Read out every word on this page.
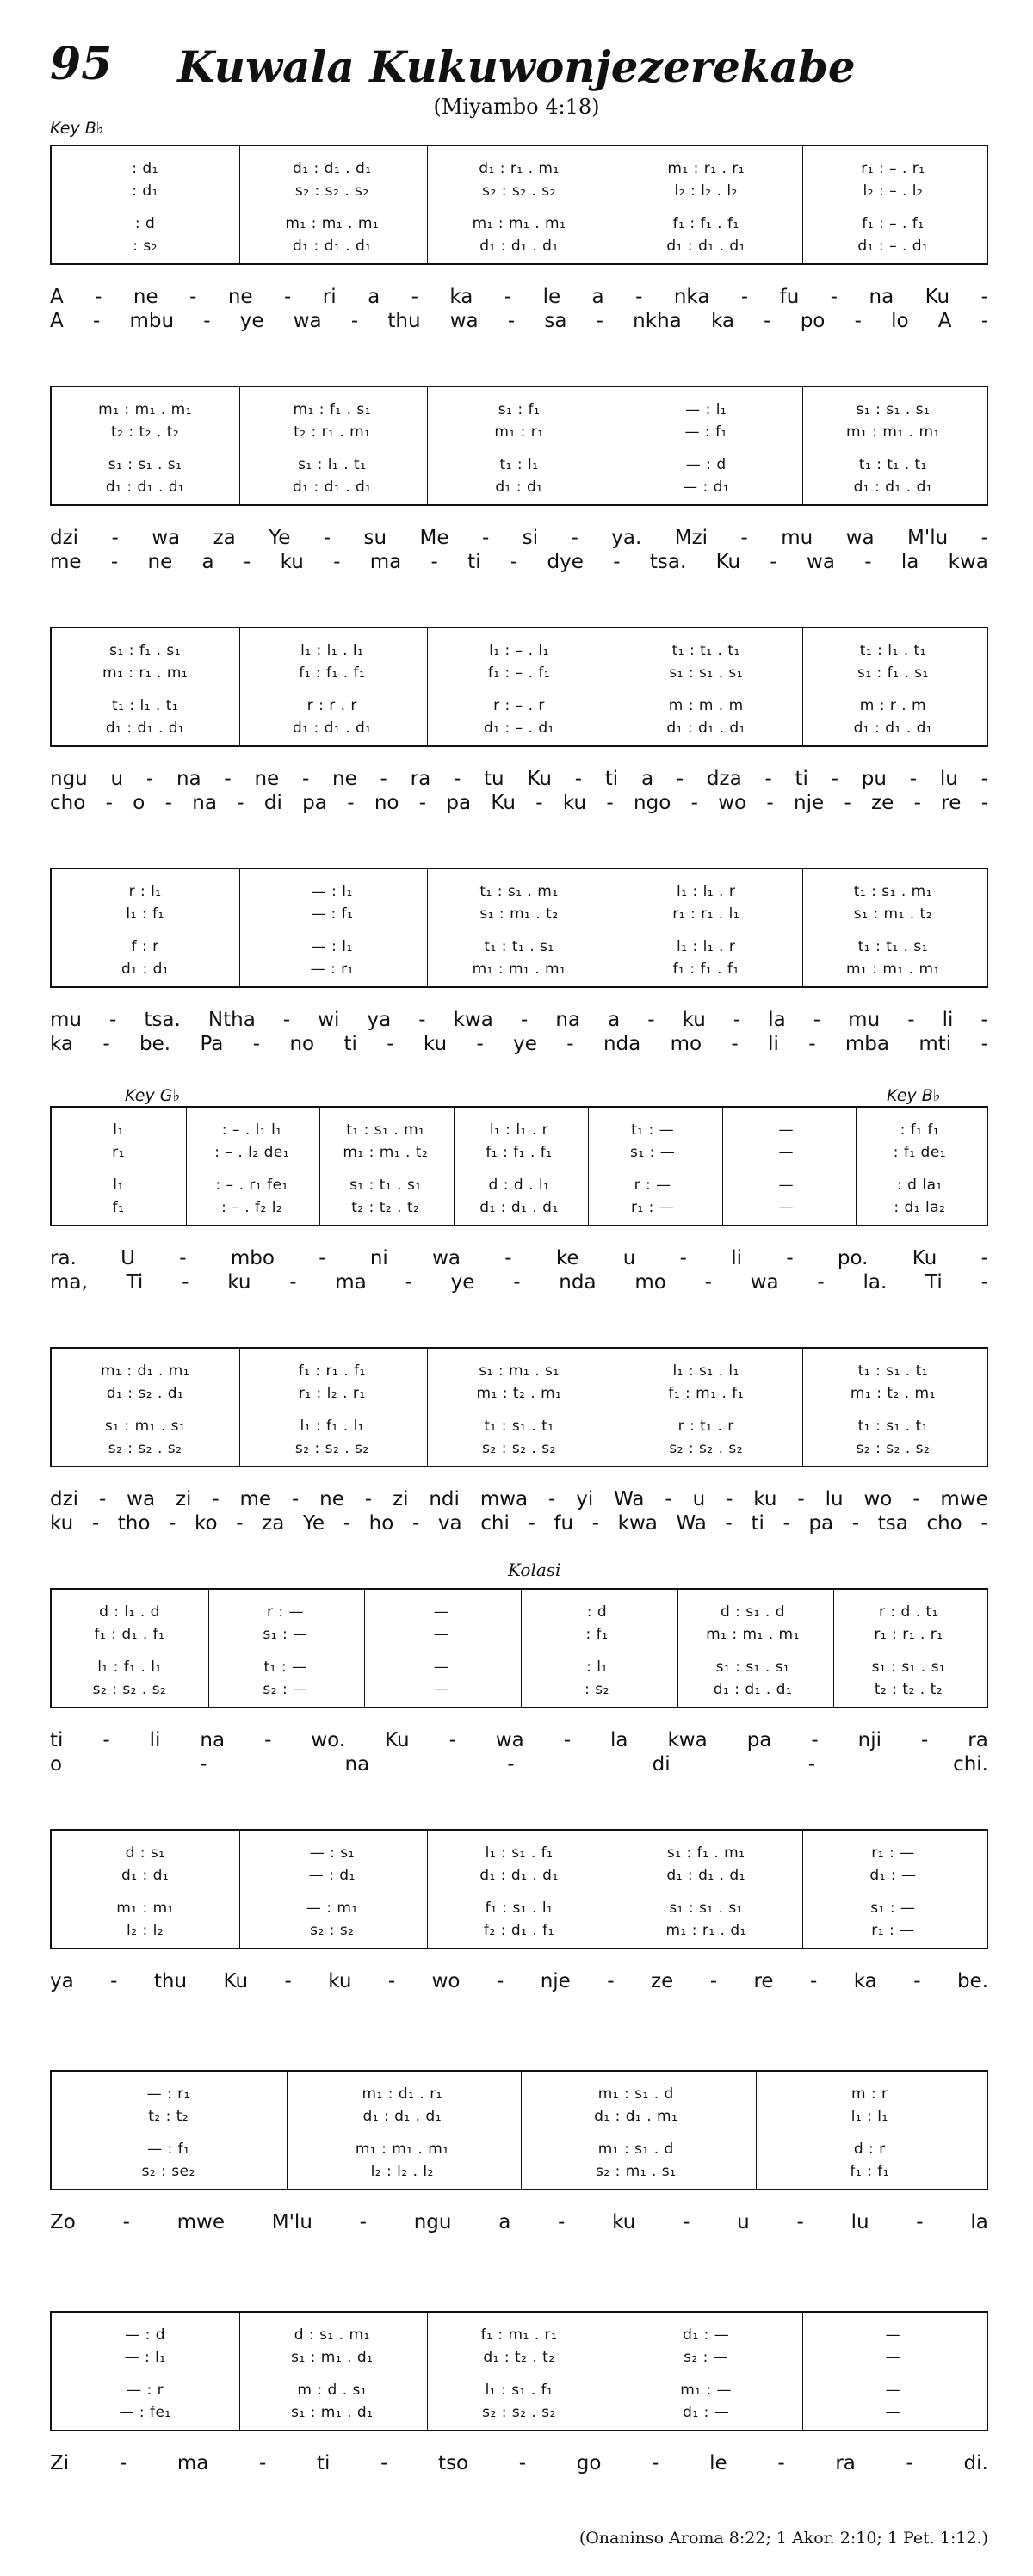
95	Kuwala Kukuwonjezerekabe
(Miyambo 4:18)
Key B♭
Key G♭	Key B♭
Kolasi
: d₁	d₁ : d₁ . d₁	d₁ : r₁ . m₁	m₁ : r₁ . r₁	r₁ : – . r₁
: d₁	s₂ : s₂ . s₂	s₂ : s₂ . s₂	l₂ : l₂ . l₂	l₂ : – . l₂
: d	m₁ : m₁ . m₁	m₁ : m₁ . m₁	f₁ : f₁ . f₁	f₁ : – . f₁
: s₂	d₁ : d₁ . d₁	d₁ : d₁ . d₁	d₁ : d₁ . d₁	d₁ : – . d₁
A - ne - ne - ri a - ka - le a - nka - fu - na Ku -
A - mbu - ye wa - thu wa - sa - nkha ka - po - lo A -
m₁ : m₁ . m₁	m₁ : f₁ . s₁	s₁ : f₁	— : l₁	s₁ : s₁ . s₁
t₂ : t₂ . t₂	t₂ : r₁ . m₁	m₁ : r₁	— : f₁	m₁ : m₁ . m₁
s₁ : s₁ . s₁	s₁ : l₁ . t₁	t₁ : l₁	— : d	t₁ : t₁ . t₁
d₁ : d₁ . d₁	d₁ : d₁ . d₁	d₁ : d₁	— : d₁	d₁ : d₁ . d₁
dzi - wa za Ye - su Me - si - ya. Mzi - mu wa M'lu -
me - ne a - ku - ma - ti - dye - tsa. Ku - wa - la kwa
s₁ : f₁ . s₁	l₁ : l₁ . l₁	l₁ : – . l₁	t₁ : t₁ . t₁	t₁ : l₁ . t₁
m₁ : r₁ . m₁	f₁ : f₁ . f₁	f₁ : – . f₁	s₁ : s₁ . s₁	s₁ : f₁ . s₁
t₁ : l₁ . t₁	r : r . r	r : – . r	m : m . m	m : r . m
d₁ : d₁ . d₁	d₁ : d₁ . d₁	d₁ : – . d₁	d₁ : d₁ . d₁	d₁ : d₁ . d₁
ngu u - na - ne - ne - ra - tu Ku - ti a - dza - ti - pu - lu -
cho - o - na - di pa - no - pa Ku - ku - ngo - wo - nje - ze - re -
r : l₁	— : l₁	t₁ : s₁ . m₁	l₁ : l₁ . r	t₁ : s₁ . m₁
l₁ : f₁	— : f₁	s₁ : m₁ . t₂	r₁ : r₁ . l₁	s₁ : m₁ . t₂
f : r	— : l₁	t₁ : t₁ . s₁	l₁ : l₁ . r	t₁ : t₁ . s₁
d₁ : d₁	— : r₁	m₁ : m₁ . m₁	f₁ : f₁ . f₁	m₁ : m₁ . m₁
mu - tsa. Ntha - wi ya - kwa - na a - ku - la - mu - li -
ka - be. Pa - no ti - ku - ye - nda mo - li - mba mti -
l₁	: – . l₁ l₁	t₁ : s₁ . m₁	l₁ : l₁ . r	t₁ : —	—	: f₁ f₁
r₁	: – . l₂ de₁	m₁ : m₁ . t₂	f₁ : f₁ . f₁	s₁ : —	—	: f₁ de₁
l₁	: – . r₁ fe₁	s₁ : t₁ . s₁	d : d . l₁	r : —	—	: d la₁
f₁	: – . f₂ l₂	t₂ : t₂ . t₂	d₁ : d₁ . d₁	r₁ : —	—	: d₁ la₂
ra. U - mbo - ni wa - ke u - li - po. Ku -
ma, Ti - ku - ma - ye - nda mo - wa - la. Ti -
m₁ : d₁ . m₁	f₁ : r₁ . f₁	s₁ : m₁ . s₁	l₁ : s₁ . l₁	t₁ : s₁ . t₁
d₁ : s₂ . d₁	r₁ : l₂ . r₁	m₁ : t₂ . m₁	f₁ : m₁ . f₁	m₁ : t₂ . m₁
s₁ : m₁ . s₁	l₁ : f₁ . l₁	t₁ : s₁ . t₁	r : t₁ . r	t₁ : s₁ . t₁
s₂ : s₂ . s₂	s₂ : s₂ . s₂	s₂ : s₂ . s₂	s₂ : s₂ . s₂	s₂ : s₂ . s₂
dzi - wa zi - me - ne - zi ndi mwa - yi Wa - u - ku - lu wo - mwe
ku - tho - ko - za Ye - ho - va chi - fu - kwa Wa - ti - pa - tsa cho -
d : l₁ . d	r : —	—	: d	d : s₁ . d	r : d . t₁
f₁ : d₁ . f₁	s₁ : —	—	: f₁	m₁ : m₁ . m₁	r₁ : r₁ . r₁
l₁ : f₁ . l₁	t₁ : —	—	: l₁	s₁ : s₁ . s₁	s₁ : s₁ . s₁
s₂ : s₂ . s₂	s₂ : —	—	: s₂	d₁ : d₁ . d₁	t₂ : t₂ . t₂
ti - li na - wo. Ku - wa - la kwa pa - nji - ra
o	-	na	-	di	-	chi.
d : s₁	— : s₁	l₁ : s₁ . f₁	s₁ : f₁ . m₁	r₁ : —
d₁ : d₁	— : d₁	d₁ : d₁ . d₁	d₁ : d₁ . d₁	d₁ : —
m₁ : m₁	— : m₁	f₁ : s₁ . l₁	s₁ : s₁ . s₁	s₁ : —
l₂ : l₂	s₂ : s₂	f₂ : d₁ . f₁	m₁ : r₁ . d₁	r₁ : —
ya - thu Ku - ku - wo - nje - ze - re - ka - be.
— : r₁	m₁ : d₁ . r₁	m₁ : s₁ . d	m : r
t₂ : t₂	d₁ : d₁ . d₁	d₁ : d₁ . m₁	l₁ : l₁
— : f₁	m₁ : m₁ . m₁	m₁ : s₁ . d	d : r
s₂ : se₂	l₂ : l₂ . l₂	s₂ : m₁ . s₁	f₁ : f₁
Zo - mwe M'lu - ngu a - ku - u - lu - la
— : d	d : s₁ . m₁	f₁ : m₁ . r₁	d₁ : —	—
— : l₁	s₁ : m₁ . d₁	d₁ : t₂ . t₂	s₂ : —	—
— : r	m : d . s₁	l₁ : s₁ . f₁	m₁ : —	—
— : fe₁	s₁ : m₁ . d₁	s₂ : s₂ . s₂	d₁ : —	—
Zi	-	ma	-	ti	-	tso	-	go	-	le	-	ra	-	di.
(Onaninso Aroma 8:22; 1 Akor. 2:10; 1 Pet. 1:12.)
